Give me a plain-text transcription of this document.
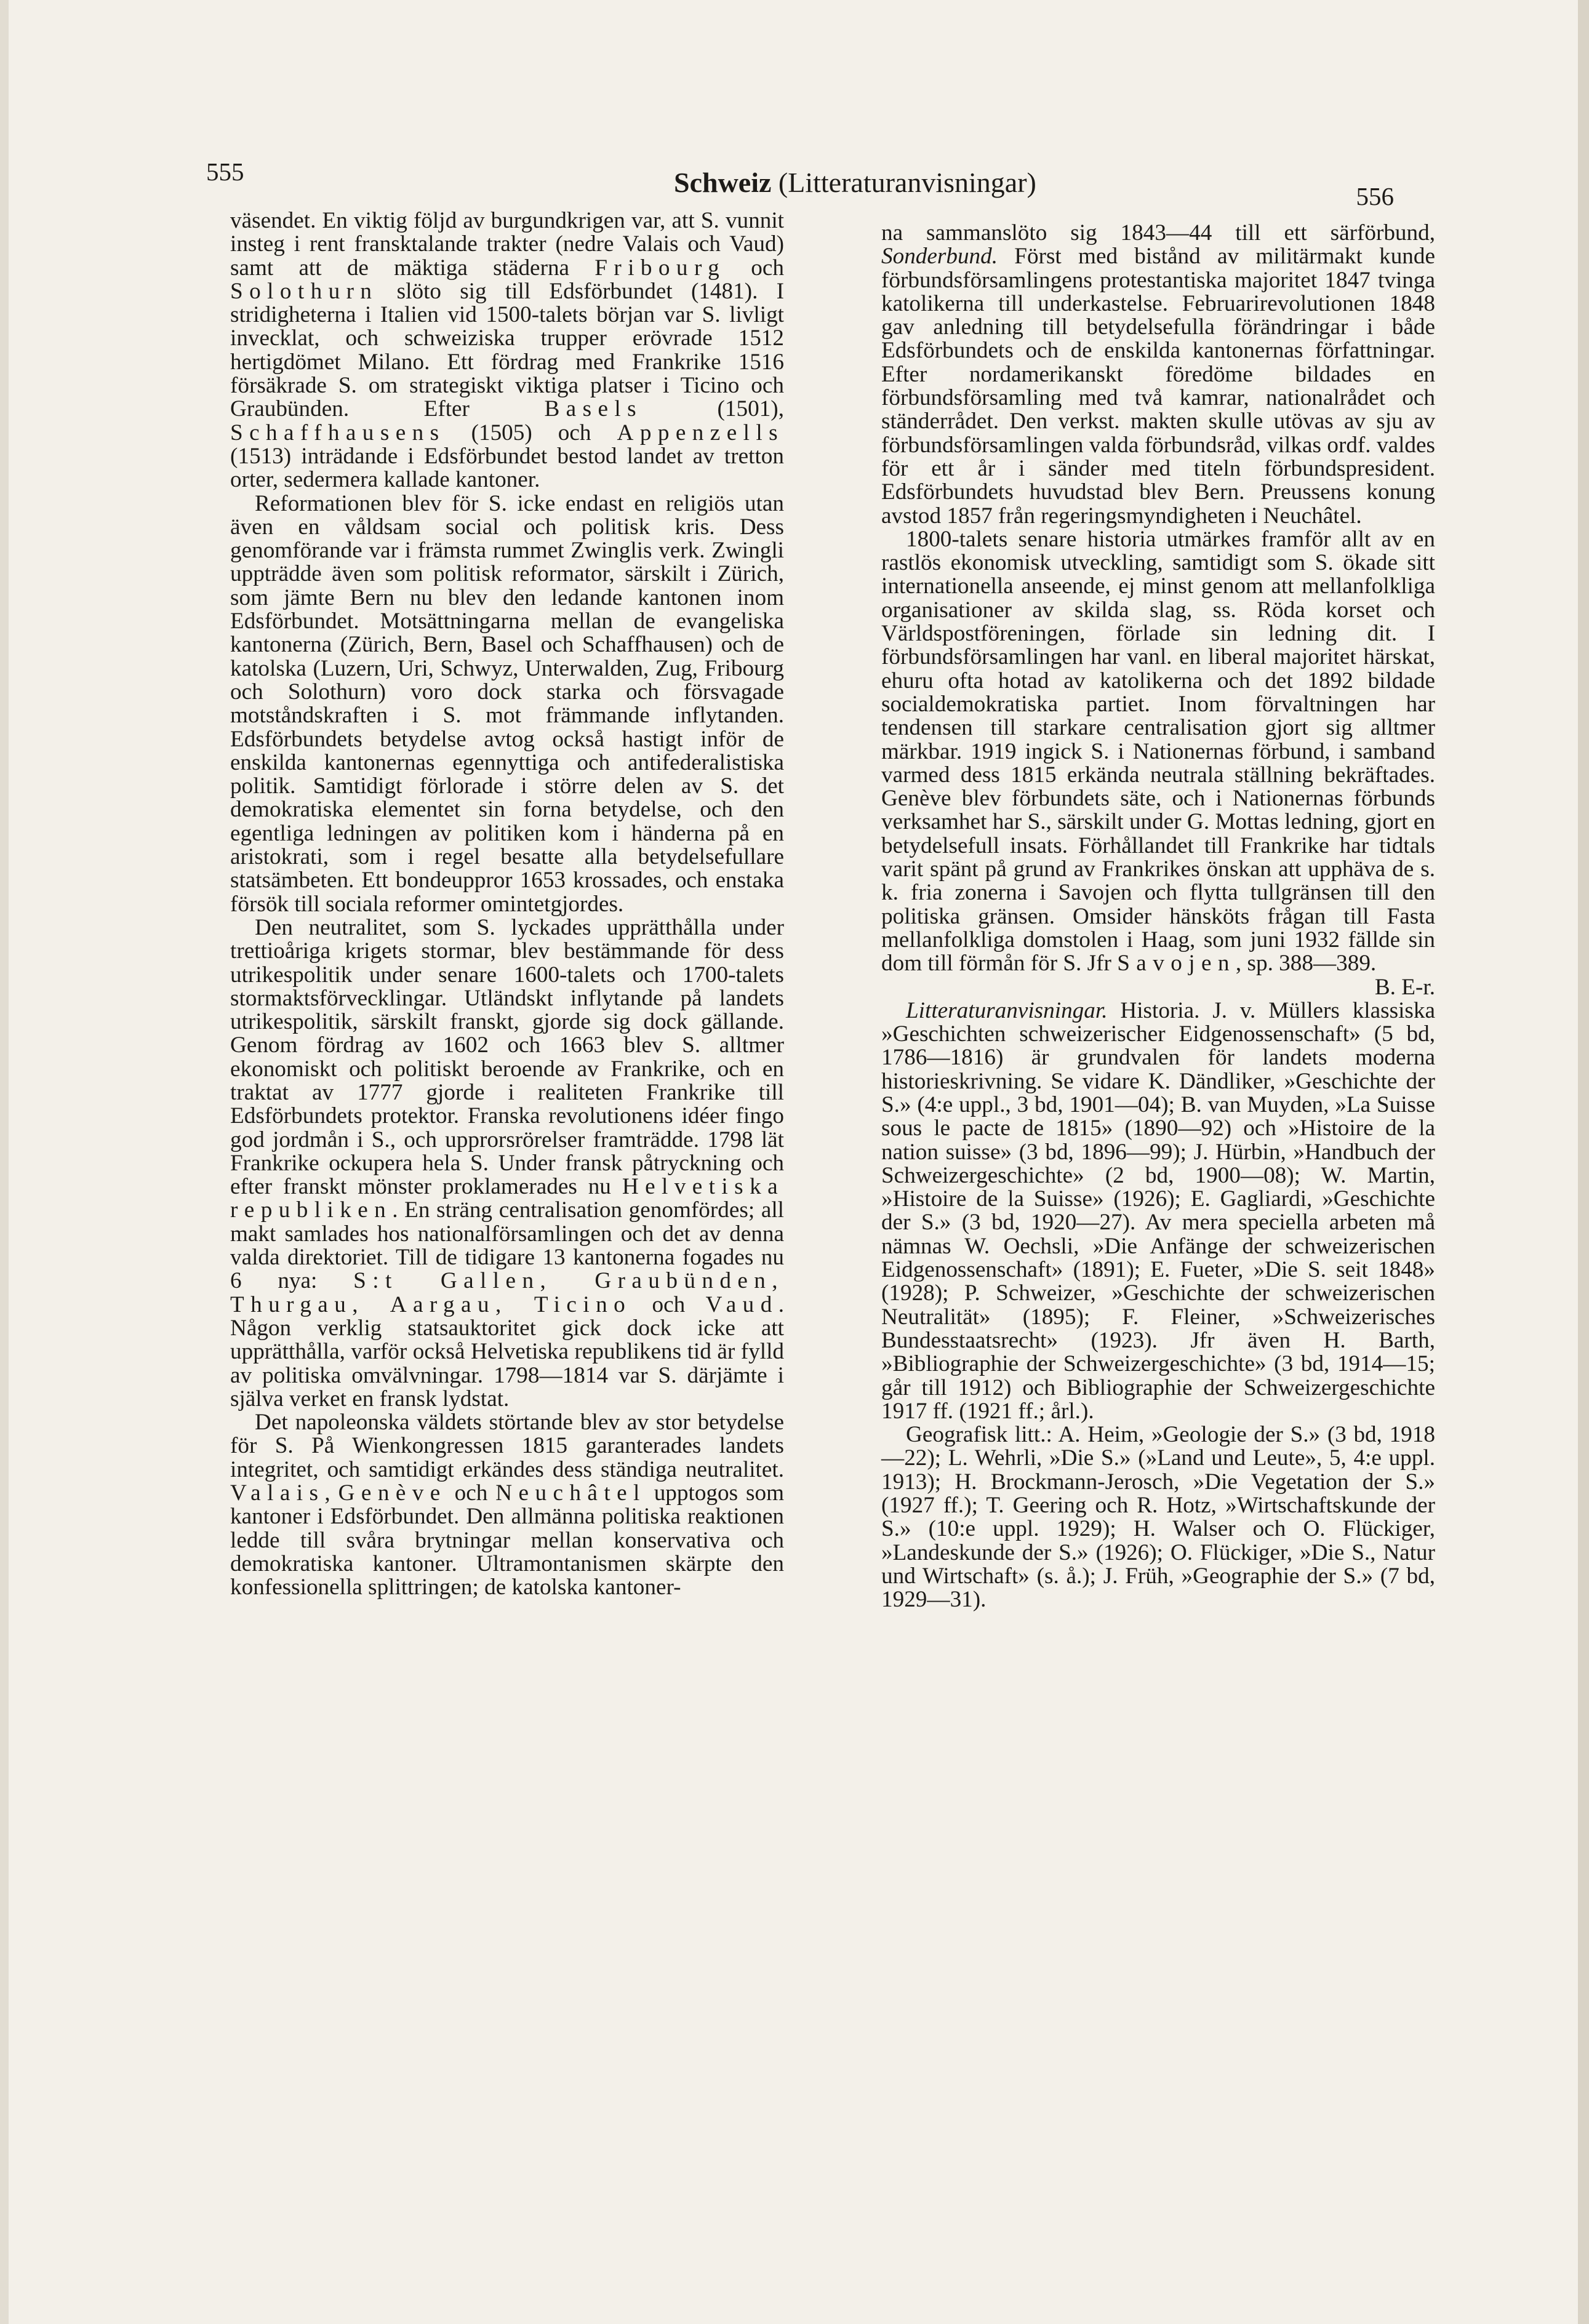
555	Schweiz (Litteraturanvisningar)	556

väsendet. En viktig följd av burgundkrigen var, att S. vunnit insteg i rent fransktalande trakter (nedre Valais och Vaud) samt att de mäktiga städerna Fribourg och Solothurn slöto sig till Edsförbundet (1481). I stridigheterna i Italien vid 1500-talets början var S. livligt invecklat, och schweiziska trupper erövrade 1512 hertigdömet Milano. Ett fördrag med Frankrike 1516 försäkrade S. om strategiskt viktiga platser i Ticino och Graubünden. Efter Basels (1501), Schaffhausens (1505) och Appenzells (1513) inträdande i Edsförbundet bestod landet av tretton orter, sedermera kallade kantoner.

Reformationen blev för S. icke endast en religiös utan även en våldsam social och politisk kris. Dess genomförande var i främsta rummet Zwinglis verk. Zwingli uppträdde även som politisk reformator, särskilt i Zürich, som jämte Bern nu blev den ledande kantonen inom Edsförbundet. Motsättningarna mellan de evangeliska kantonerna (Zürich, Bern, Basel och Schaffhausen) och de katolska (Luzern, Uri, Schwyz, Unterwalden, Zug, Fribourg och Solothurn) voro dock starka och försvagade motståndskraften i S. mot främmande inflytanden. Edsförbundets betydelse avtog också hastigt inför de enskilda kantonernas egennyttiga och antifederalistiska politik. Samtidigt förlorade i större delen av S. det demokratiska elementet sin forna betydelse, och den egentliga ledningen av politiken kom i händerna på en aristokrati, som i regel besatte alla betydelsefullare statsämbeten. Ett bondeuppror 1653 krossades, och enstaka försök till sociala reformer omintetgjordes.

Den neutralitet, som S. lyckades upprätthålla under trettioåriga krigets stormar, blev bestämmande för dess utrikespolitik under senare 1600-talets och 1700-talets stormaktsförvecklingar. Utländskt inflytande på landets utrikespolitik, särskilt franskt, gjorde sig dock gällande. Genom fördrag av 1602 och 1663 blev S. alltmer ekonomiskt och politiskt beroende av Frankrike, och en traktat av 1777 gjorde i realiteten Frankrike till Edsförbundets protektor. Franska revolutionens idéer fingo god jordmån i S., och upprorsrörelser framträdde. 1798 lät Frankrike ockupera hela S. Under fransk påtryckning och efter franskt mönster proklamerades nu Helvetiska republiken. En sträng centralisation genomfördes; all makt samlades hos nationalförsamlingen och det av denna valda direktoriet. Till de tidigare 13 kantonerna fogades nu 6 nya: S:t Gallen, Graubünden, Thurgau, Aargau, Ticino och Vaud. Någon verklig statsauktoritet gick dock icke att upprätthålla, varför också Helvetiska republikens tid är fylld av politiska omvälvningar. 1798—1814 var S. därjämte i själva verket en fransk lydstat.

Det napoleonska väldets störtande blev av stor betydelse för S. På Wienkongressen 1815 garanterades landets integritet, och samtidigt erkändes dess ständiga neutralitet. Valais, Genève och Neuchâtel upptogos som kantoner i Edsförbundet. Den allmänna politiska reaktionen ledde till svåra brytningar mellan konservativa och demokratiska kantoner. Ultramontanismen skärpte den konfessionella splittringen; de katolska kantoner-

na sammanslöto sig 1843—44 till ett särförbund, Sonderbund. Först med bistånd av militärmakt kunde förbundsförsamlingens protestantiska majoritet 1847 tvinga katolikerna till underkastelse. Februarirevolutionen 1848 gav anledning till betydelsefulla förändringar i både Edsförbundets och de enskilda kantonernas författningar. Efter nordamerikanskt föredöme bildades en förbundsförsamling med två kamrar, nationalrådet och ständerrådet. Den verkst. makten skulle utövas av sju av förbundsförsamlingen valda förbundsråd, vilkas ordf. valdes för ett år i sänder med titeln förbundspresident. Edsförbundets huvudstad blev Bern. Preussens konung avstod 1857 från regeringsmyndigheten i Neuchâtel.

1800-talets senare historia utmärkes framför allt av en rastlös ekonomisk utveckling, samtidigt som S. ökade sitt internationella anseende, ej minst genom att mellanfolkliga organisationer av skilda slag, ss. Röda korset och Världspostföreningen, förlade sin ledning dit. I förbundsförsamlingen har vanl. en liberal majoritet härskat, ehuru ofta hotad av katolikerna och det 1892 bildade socialdemokratiska partiet. Inom förvaltningen har tendensen till starkare centralisation gjort sig alltmer märkbar. 1919 ingick S. i Nationernas förbund, i samband varmed dess 1815 erkända neutrala ställning bekräftades. Genève blev förbundets säte, och i Nationernas förbunds verksamhet har S., särskilt under G. Mottas ledning, gjort en betydelsefull insats. Förhållandet till Frankrike har tidtals varit spänt på grund av Frankrikes önskan att upphäva de s. k. fria zonerna i Savojen och flytta tullgränsen till den politiska gränsen. Omsider hänsköts frågan till Fasta mellanfolkliga domstolen i Haag, som juni 1932 fällde sin dom till förmån för S. Jfr Savojen, sp. 388—389.
B. E-r.

Litteraturanvisningar. Historia. J. v. Müllers klassiska »Geschichten schweizerischer Eidgenossenschaft» (5 bd, 1786—1816) är grundvalen för landets moderna historieskrivning. Se vidare K. Dändliker, »Geschichte der S.» (4:e uppl., 3 bd, 1901—04); B. van Muyden, »La Suisse sous le pacte de 1815» (1890—92) och »Histoire de la nation suisse» (3 bd, 1896—99); J. Hürbin, »Handbuch der Schweizergeschichte» (2 bd, 1900—08); W. Martin, »Histoire de la Suisse» (1926); E. Gagliardi, »Geschichte der S.» (3 bd, 1920—27). Av mera speciella arbeten må nämnas W. Oechsli, »Die Anfänge der schweizerischen Eidgenossenschaft» (1891); E. Fueter, »Die S. seit 1848» (1928); P. Schweizer, »Geschichte der schweizerischen Neutralität» (1895); F. Fleiner, »Schweizerisches Bundesstaatsrecht» (1923). Jfr även H. Barth, »Bibliographie der Schweizergeschichte» (3 bd, 1914—15; går till 1912) och Bibliographie der Schweizergeschichte 1917 ff. (1921 ff.; årl.).

Geografisk litt.: A. Heim, »Geologie der S.» (3 bd, 1918—22); L. Wehrli, »Die S.» (»Land und Leute», 5, 4:e uppl. 1913); H. Brockmann-Jerosch, »Die Vegetation der S.» (1927 ff.); T. Geering och R. Hotz, »Wirtschaftskunde der S.» (10:e uppl. 1929); H. Walser och O. Flückiger, »Landeskunde der S.» (1926); O. Flückiger, »Die S., Natur und Wirtschaft» (s. å.); J. Früh, »Geographie der S.» (7 bd, 1929—31).
